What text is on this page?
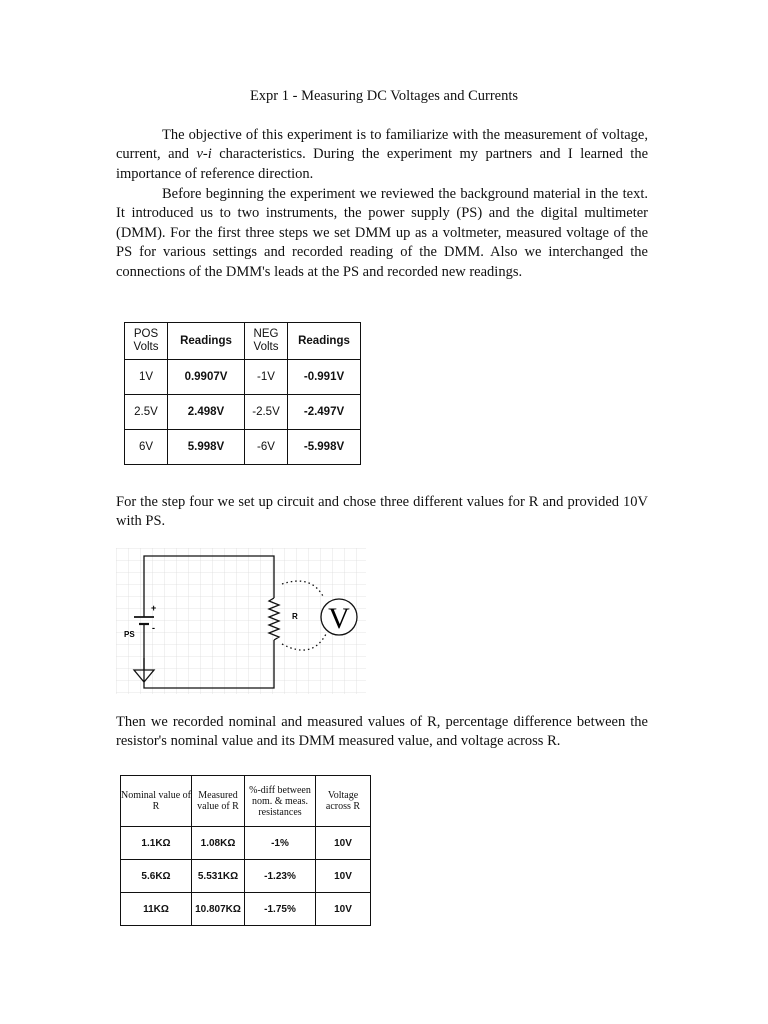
Expr 1 - Measuring DC Voltages and Currents

The objective of this experiment is to familiarize with the measurement of voltage, current, and v-i characteristics. During the experiment my partners and I learned the importance of reference direction.

Before beginning the experiment we reviewed the background material in the text. It introduced us to two instruments, the power supply (PS) and the digital multimeter (DMM). For the first three steps we set DMM up as a voltmeter, measured voltage of the PS for various settings and recorded reading of the DMM. Also we interchanged the connections of the DMM's leads at the PS and recorded new readings.

POS Volts	Readings	NEG Volts	Readings
1V	0.9907V	-1V	-0.991V
2.5V	2.498V	-2.5V	-2.497V
6V	5.998V	-6V	-5.998V

For the step four we set up circuit and chose three different values for R and provided 10V with PS.

+
-
PS
R V

Then we recorded nominal and measured values of R, percentage difference between the resistor's nominal value and its DMM measured value, and voltage across R.

Nominal value of R	Measured value of R	%-diff between nom. & meas. resistances	Voltage across R
1.1KΩ	1.08KΩ	-1%	10V
5.6KΩ	5.531KΩ	-1.23%	10V
11KΩ	10.807KΩ	-1.75%	10V
